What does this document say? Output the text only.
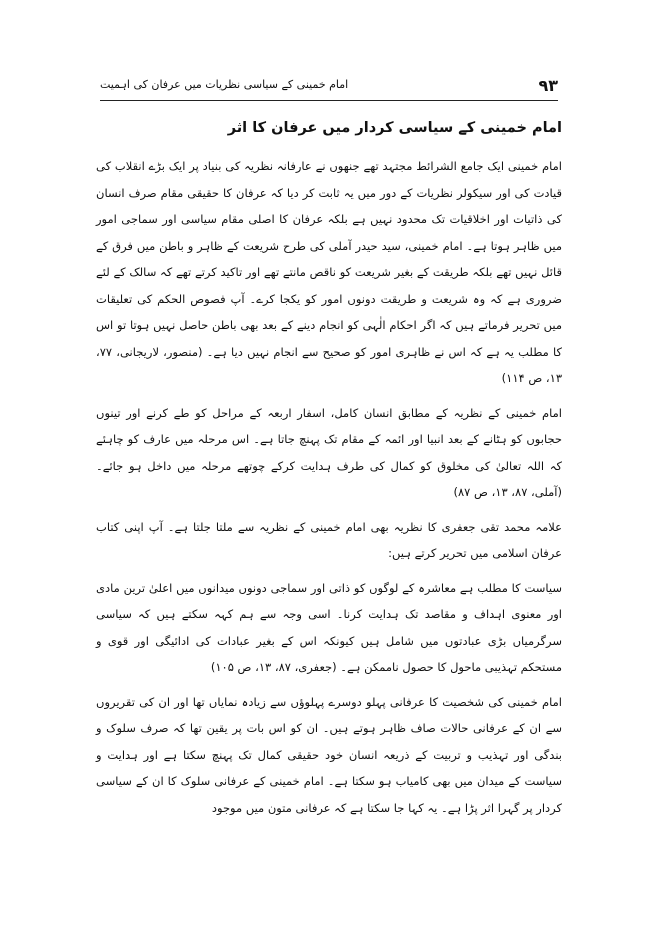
۹۳
امام خمینی کے سیاسی نظریات میں عرفان کی اہمیت
امام خمینی کے سیاسی کردار میں عرفان کا اثر

امام خمینی ایک جامع الشرائط مجتہد تھے جنھوں نے عارفانہ نظریہ کی بنیاد پر ایک بڑے انقلاب کی قیادت کی اور سیکولر نظریات کے دور میں یہ ثابت کر دیا کہ عرفان کا حقیقی مقام صرف انسان کی ذاتیات اور اخلاقیات تک محدود نہیں ہے بلکہ عرفان کا اصلی مقام سیاسی اور سماجی امور میں ظاہر ہوتا ہے۔ امام خمینی، سید حیدر آملی کی طرح شریعت کے ظاہر و باطن میں فرق کے قائل نہیں تھے بلکہ طریقت کے بغیر شریعت کو ناقص مانتے تھے اور تاکید کرتے تھے کہ سالک کے لئے ضروری ہے کہ وہ شریعت و طریقت دونوں امور کو یکجا کرے۔ آپ فصوص الحکم کی تعلیقات میں تحریر فرماتے ہیں کہ اگر احکام الٰہی کو انجام دینے کے بعد بھی باطن حاصل نہیں ہوتا تو اس کا مطلب یہ ہے کہ اس نے ظاہری امور کو صحیح سے انجام نہیں دیا ہے۔ (منصور، لاریجانی، ۷۷، ۱۳، ص ۱۱۴)

امام خمینی کے نظریہ کے مطابق انسان کامل، اسفار اربعہ کے مراحل کو طے کرنے اور تینوں حجابوں کو ہٹانے کے بعد انبیا اور ائمہ کے مقام تک پہنچ جاتا ہے۔ اس مرحلہ میں عارف کو چاہئے کہ اللہ تعالیٰ کی مخلوق کو کمال کی طرف ہدایت کرکے چوتھے مرحلہ میں داخل ہو جائے۔ (آملی، ۸۷، ۱۳، ص ۸۷)

علامہ محمد تقی جعفری کا نظریہ بھی امام خمینی کے نظریہ سے ملتا جلتا ہے۔ آپ اپنی کتاب عرفان اسلامی میں تحریر کرتے ہیں:

سیاست کا مطلب ہے معاشرہ کے لوگوں کو ذاتی اور سماجی دونوں میدانوں میں اعلیٰ ترین مادی اور معنوی اہداف و مقاصد تک ہدایت کرنا۔ اسی وجہ سے ہم کہہ سکتے ہیں کہ سیاسی سرگرمیاں بڑی عبادتوں میں شامل ہیں کیونکہ اس کے بغیر عبادات کی ادائیگی اور قوی و مستحکم تہذیبی ماحول کا حصول ناممکن ہے۔ (جعفری، ۸۷، ۱۳، ص ۱۰۵)

امام خمینی کی شخصیت کا عرفانی پہلو دوسرے پہلوؤں سے زیادہ نمایاں تھا اور ان کی تقریروں سے ان کے عرفانی حالات صاف ظاہر ہوتے ہیں۔ ان کو اس بات پر یقین تھا کہ صرف سلوک و بندگی اور تہذیب و تربیت کے ذریعہ انسان خود حقیقی کمال تک پہنچ سکتا ہے اور ہدایت و سیاست کے میدان میں بھی کامیاب ہو سکتا ہے۔ امام خمینی کے عرفانی سلوک کا ان کے سیاسی کردار پر گہرا اثر پڑا ہے۔ یہ کہا جا سکتا ہے کہ عرفانی متون میں موجود
